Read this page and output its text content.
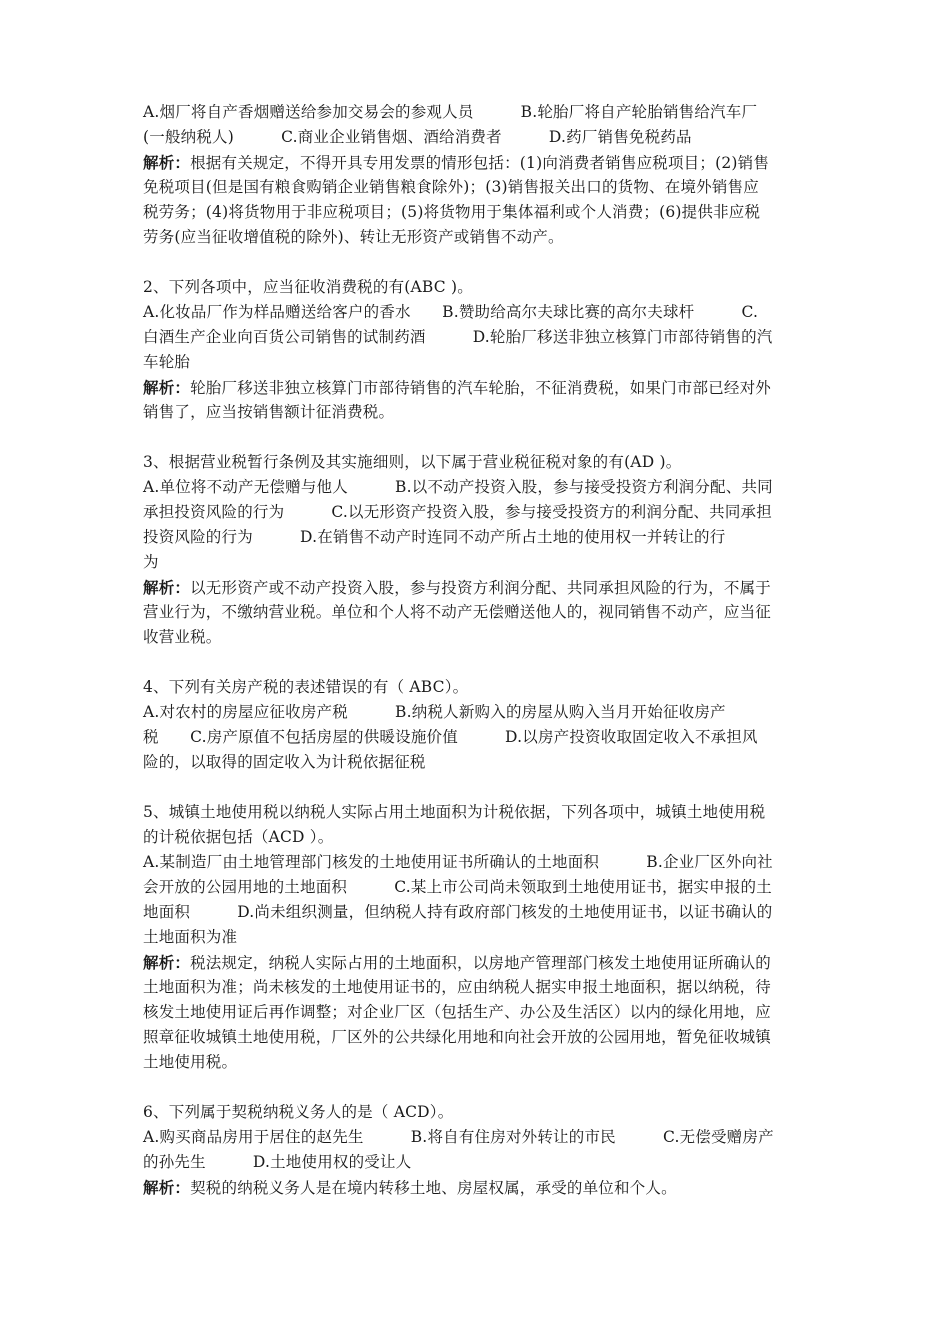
A.烟厂将自产香烟赠送给参加交易会的参观人员　　　B.轮胎厂将自产轮胎销售给汽车厂
(一般纳税人)　　　C.商业企业销售烟、酒给消费者　　　D.药厂销售免税药品
解析：根据有关规定，不得开具专用发票的情形包括：(1)向消费者销售应税项目；(2)销售
免税项目(但是国有粮食购销企业销售粮食除外)；(3)销售报关出口的货物、在境外销售应
税劳务；(4)将货物用于非应税项目；(5)将货物用于集体福利或个人消费；(6)提供非应税
劳务(应当征收增值税的除外)、转让无形资产或销售不动产。
2、下列各项中，应当征收消费税的有(ABC )。
A.化妆品厂作为样品赠送给客户的香水　　B.赞助给高尔夫球比赛的高尔夫球杆　　　C.
白酒生产企业向百货公司销售的试制药酒　　　D.轮胎厂移送非独立核算门市部待销售的汽
车轮胎
解析：轮胎厂移送非独立核算门市部待销售的汽车轮胎，不征消费税，如果门市部已经对外
销售了，应当按销售额计征消费税。
3、根据营业税暂行条例及其实施细则，以下属于营业税征税对象的有(AD )。
A.单位将不动产无偿赠与他人　　　B.以不动产投资入股，参与接受投资方利润分配、共同
承担投资风险的行为　　　C.以无形资产投资入股，参与接受投资方的利润分配、共同承担
投资风险的行为　　　D.在销售不动产时连同不动产所占土地的使用权一并转让的行
为
解析：以无形资产或不动产投资入股，参与投资方利润分配、共同承担风险的行为，不属于
营业行为，不缴纳营业税。单位和个人将不动产无偿赠送他人的，视同销售不动产，应当征
收营业税。
4、下列有关房产税的表述错误的有（ ABC）。
A.对农村的房屋应征收房产税　　　B.纳税人新购入的房屋从购入当月开始征收房产
税　　C.房产原值不包括房屋的供暖设施价值　　　D.以房产投资收取固定收入不承担风
险的，以取得的固定收入为计税依据征税
5、城镇土地使用税以纳税人实际占用土地面积为计税依据，下列各项中，城镇土地使用税
的计税依据包括（ACD ）。
A.某制造厂由土地管理部门核发的土地使用证书所确认的土地面积　　　B.企业厂区外向社
会开放的公园用地的土地面积　　　C.某上市公司尚未领取到土地使用证书，据实申报的土
地面积　　　D.尚未组织测量，但纳税人持有政府部门核发的土地使用证书，以证书确认的
土地面积为准
解析：税法规定，纳税人实际占用的土地面积，以房地产管理部门核发土地使用证所确认的
土地面积为准；尚未核发的土地使用证书的，应由纳税人据实申报土地面积，据以纳税，待
核发土地使用证后再作调整；对企业厂区（包括生产、办公及生活区）以内的绿化用地，应
照章征收城镇土地使用税，厂区外的公共绿化用地和向社会开放的公园用地，暂免征收城镇
土地使用税。
6、下列属于契税纳税义务人的是（ ACD）。
A.购买商品房用于居住的赵先生　　　B.将自有住房对外转让的市民　　　C.无偿受赠房产
的孙先生　　　D.土地使用权的受让人
解析：契税的纳税义务人是在境内转移土地、房屋权属，承受的单位和个人。
